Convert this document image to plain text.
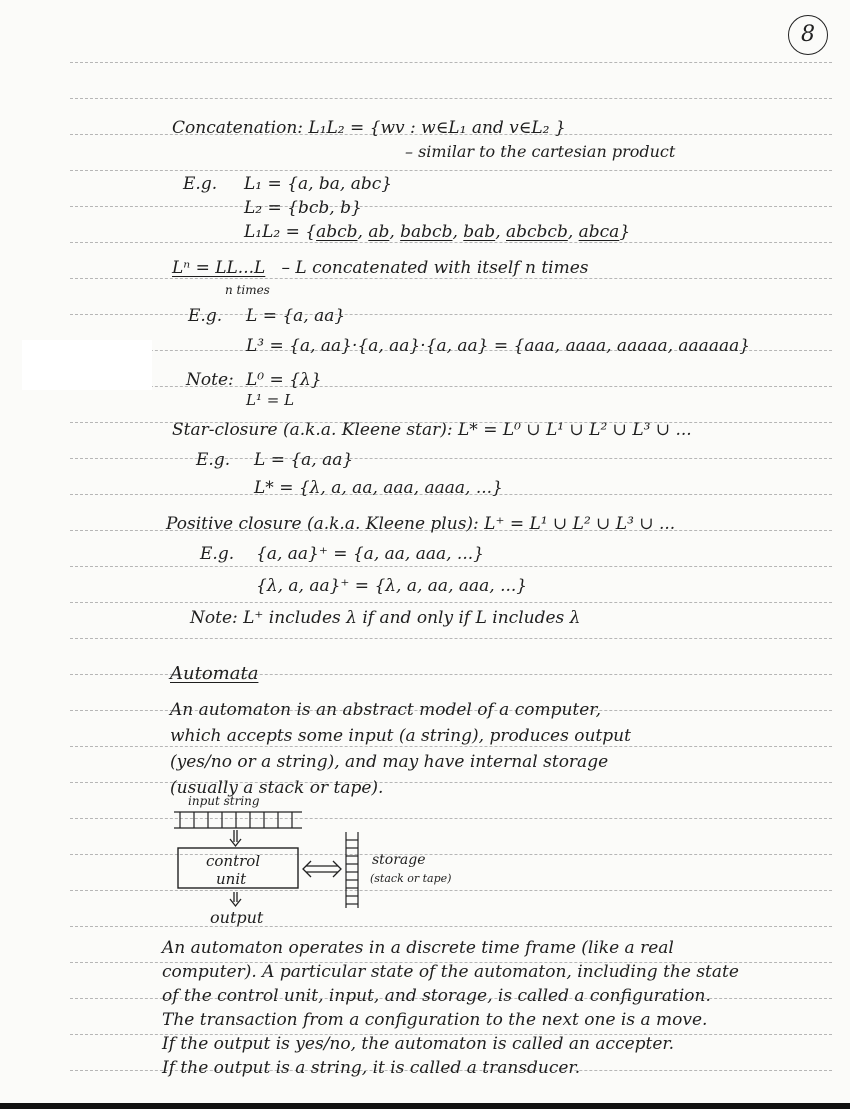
8
Concatenation: L₁L₂ = {wv : w∈L₁ and v∈L₂ }
– similar to the cartesian product
E.g. L₁ = {a, ba, abc}
L₂ = {bcb, b}
L₁L₂ = {abcb, ab, babcb, bab, abcbcb, abca}
Lⁿ = LL...L – L concatenated with itself n times
n times
E.g. L = {a, aa}
L³ = {a, aa}·{a, aa}·{a, aa} = {aaa, aaaa, aaaaa, aaaaaa}
Note: L⁰ = {λ}
L¹ = L
Star-closure (a.k.a. Kleene star): L* = L⁰ ∪ L¹ ∪ L² ∪ L³ ∪ ...
E.g. L = {a, aa}
L* = {λ, a, aa, aaa, aaaa, ...}
Positive closure (a.k.a. Kleene plus): L⁺ = L¹ ∪ L² ∪ L³ ∪ ...
E.g. {a, aa}⁺ = {a, aa, aaa, ...}
{λ, a, aa}⁺ = {λ, a, aa, aaa, ...}
Note: L⁺ includes λ if and only if L includes λ
Automata
An automaton is an abstract model of a computer,
which accepts some input (a string), produces output
(yes/no or a string), and may have internal storage
(usually a stack or tape).
input string
control
unit
storage
(stack or tape)
output
An automaton operates in a discrete time frame (like a real
computer). A particular state of the automaton, including the state
of the control unit, input, and storage, is called a configuration.
The transaction from a configuration to the next one is a move.
If the output is yes/no, the automaton is called an accepter.
If the output is a string, it is called a transducer.
